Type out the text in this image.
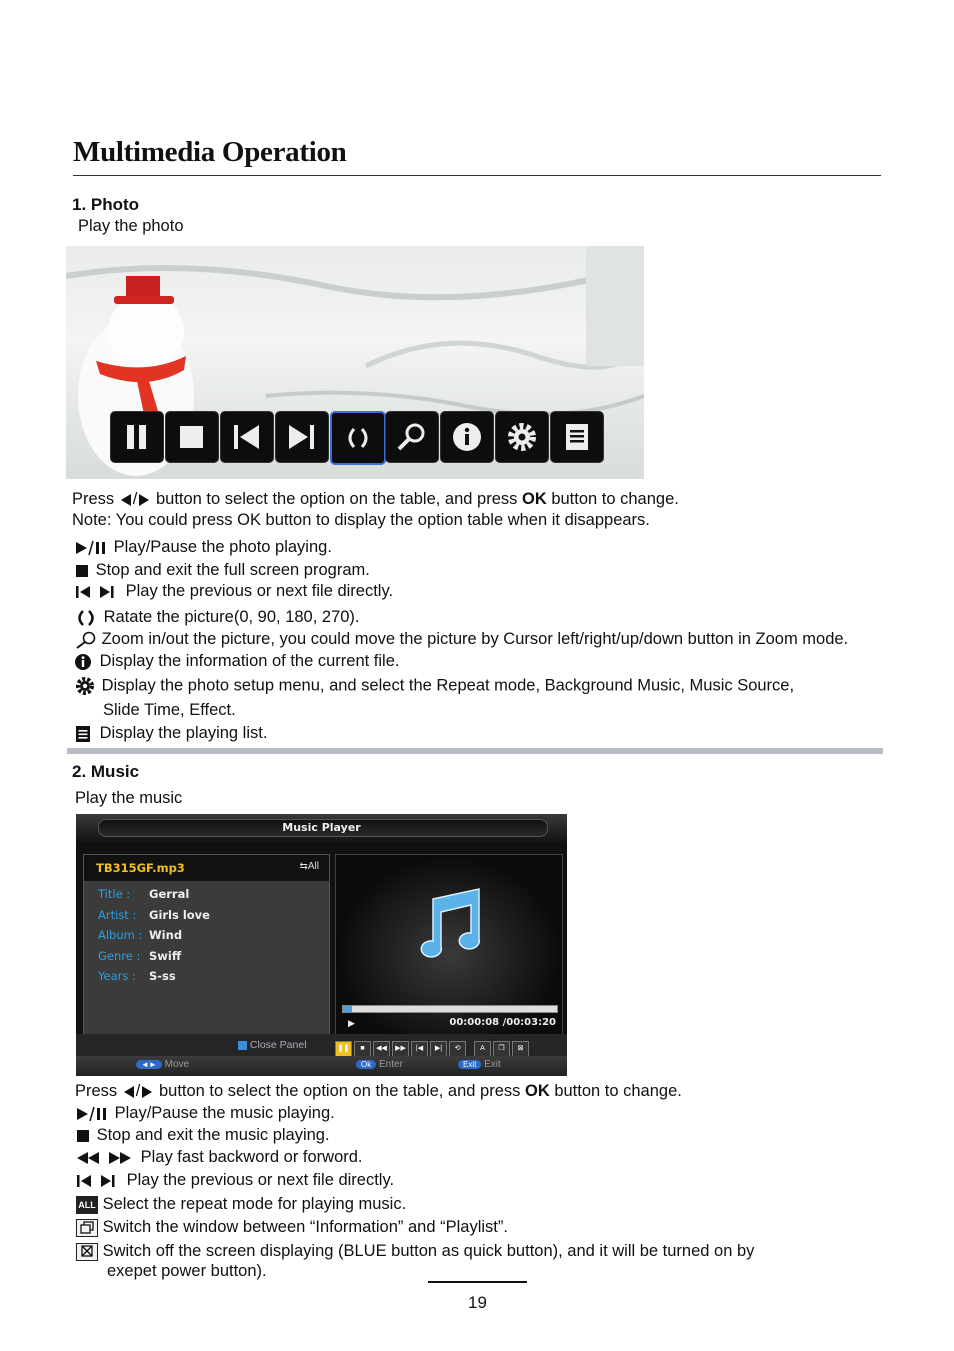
Multimedia Operation
1. Photo
Play the photo
Press / button to select the option on the table, and press OK button to change.
Note: You could press OK button to display the option table when it disappears.
Play/Pause the photo playing.
Stop and exit the full screen program.
Play the previous or next file directly.
Ratate the picture(0, 90, 180, 270).
Zoom in/out the picture, you could move the picture by Cursor left/right/up/down button in Zoom mode.
Display the information of the current file.
Display the photo setup menu, and select the Repeat mode, Background Music, Music Source,
Slide Time, Effect.
Display the playing list.
2. Music
Play the music
Music Player
TB315GF.mp3	⇆All
Title : Gerral
Artist : Girls love
Album : Wind
Genre : Swiff
Years : S-ss
▶	00:00:08 /00:03:20
Close Panel	❚❚ ■ ◀◀ ▶▶ |◀ ▶| ⟲	A ❐ ⊠
◄► Move	Ok Enter	Exit Exit
Press / button to select the option on the table, and press OK button to change.
Play/Pause the music playing.
Stop and exit the music playing.
Play fast backword or forword.
Play the previous or next file directly.
ALL Select the repeat mode for playing music.
Switch the window between “Information” and “Playlist”.
Switch off the screen displaying (BLUE button as quick button), and it will be turned on by
exepet power button).
19
